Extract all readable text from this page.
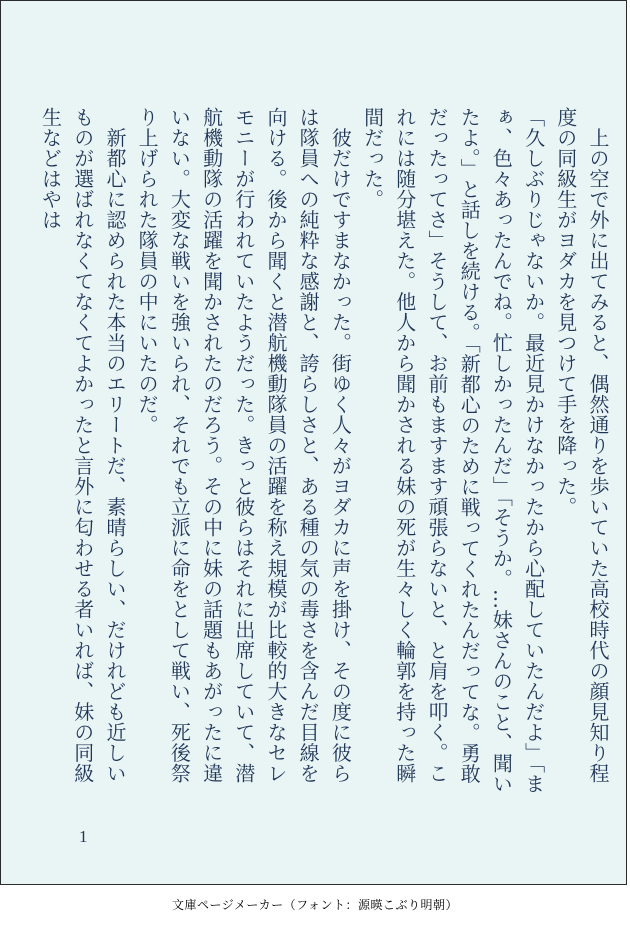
　上の空で外に出てみると、偶然通りを歩いていた高校時代の顔見知り程度の同級生がヨダカを見つけて手を降った。

「久しぶりじゃないか。最近見かけなかったから心配していたんだよ」「まぁ、色々あったんでね。忙しかったんだ」「そうか。…妹さんのこと、聞いたよ。」と話しを続ける。「新都心のために戦ってくれたんだってな。勇敢だったってさ」そうして、お前もますます頑張らないと、と肩を叩く。これには随分堪えた。他人から聞かされる妹の死が生々しく輪郭を持った瞬間だった。

　彼だけですまなかった。街ゆく人々がヨダカに声を掛け、その度に彼らは隊員への純粋な感謝と、誇らしさと、ある種の気の毒さを含んだ目線を向ける。後から聞くと潜航機動隊員の活躍を称え規模が比較的大きなセレモニーが行われていたようだった。きっと彼らはそれに出席していて、潜航機動隊の活躍を聞かされたのだろう。その中に妹の話題もあがったに違いない。大変な戦いを強いられ、それでも立派に命をとして戦い、死後祭り上げられた隊員の中にいたのだ。

　新都心に認められた本当のエリートだ、素晴らしい、だけれども近しいものが選ばれなくてなくてよかったと言外に匂わせる者いれば、妹の同級生などはやは

1
文庫ページメーカー（フォント：源暎こぶり明朝）
